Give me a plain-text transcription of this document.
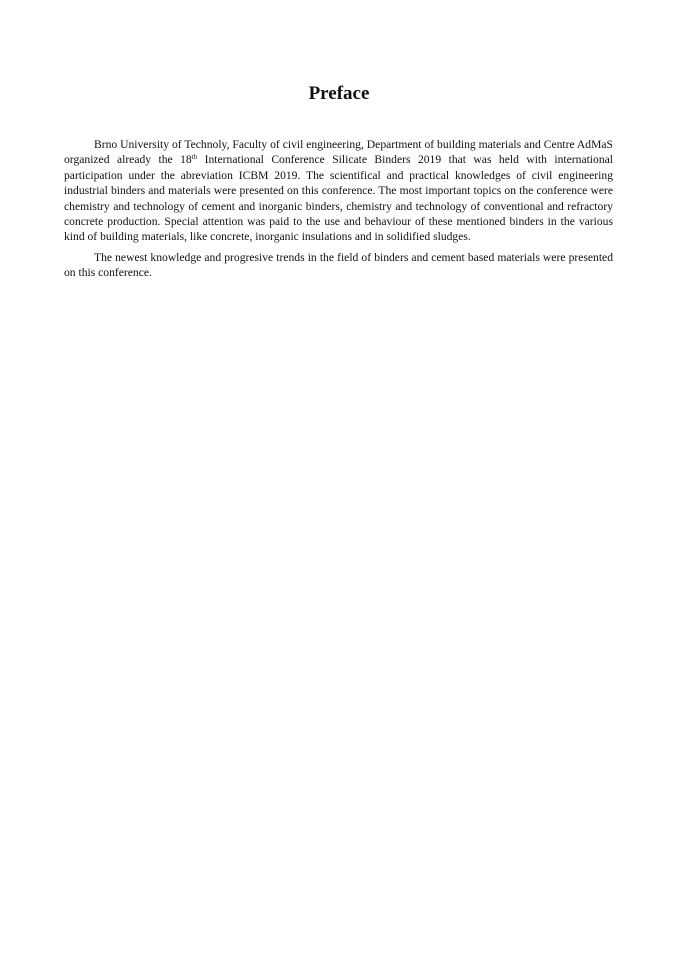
Preface

Brno University of Technoly, Faculty of civil engineering, Department of building materials and Centre AdMaS organized already the 18th International Conference Silicate Binders 2019 that was held with international participation under the abreviation ICBM 2019. The scientifical and practical knowledges of civil engineering industrial binders and materials were presented on this conference. The most important topics on the conference were chemistry and technology of cement and inorganic binders, chemistry and technology of conventional and refractory concrete production. Special attention was paid to the use and behaviour of these mentioned binders in the various kind of building materials, like concrete, inorganic insulations and in solidified sludges.

The newest knowledge and progresive trends in the field of binders and cement based materials were presented on this conference.
